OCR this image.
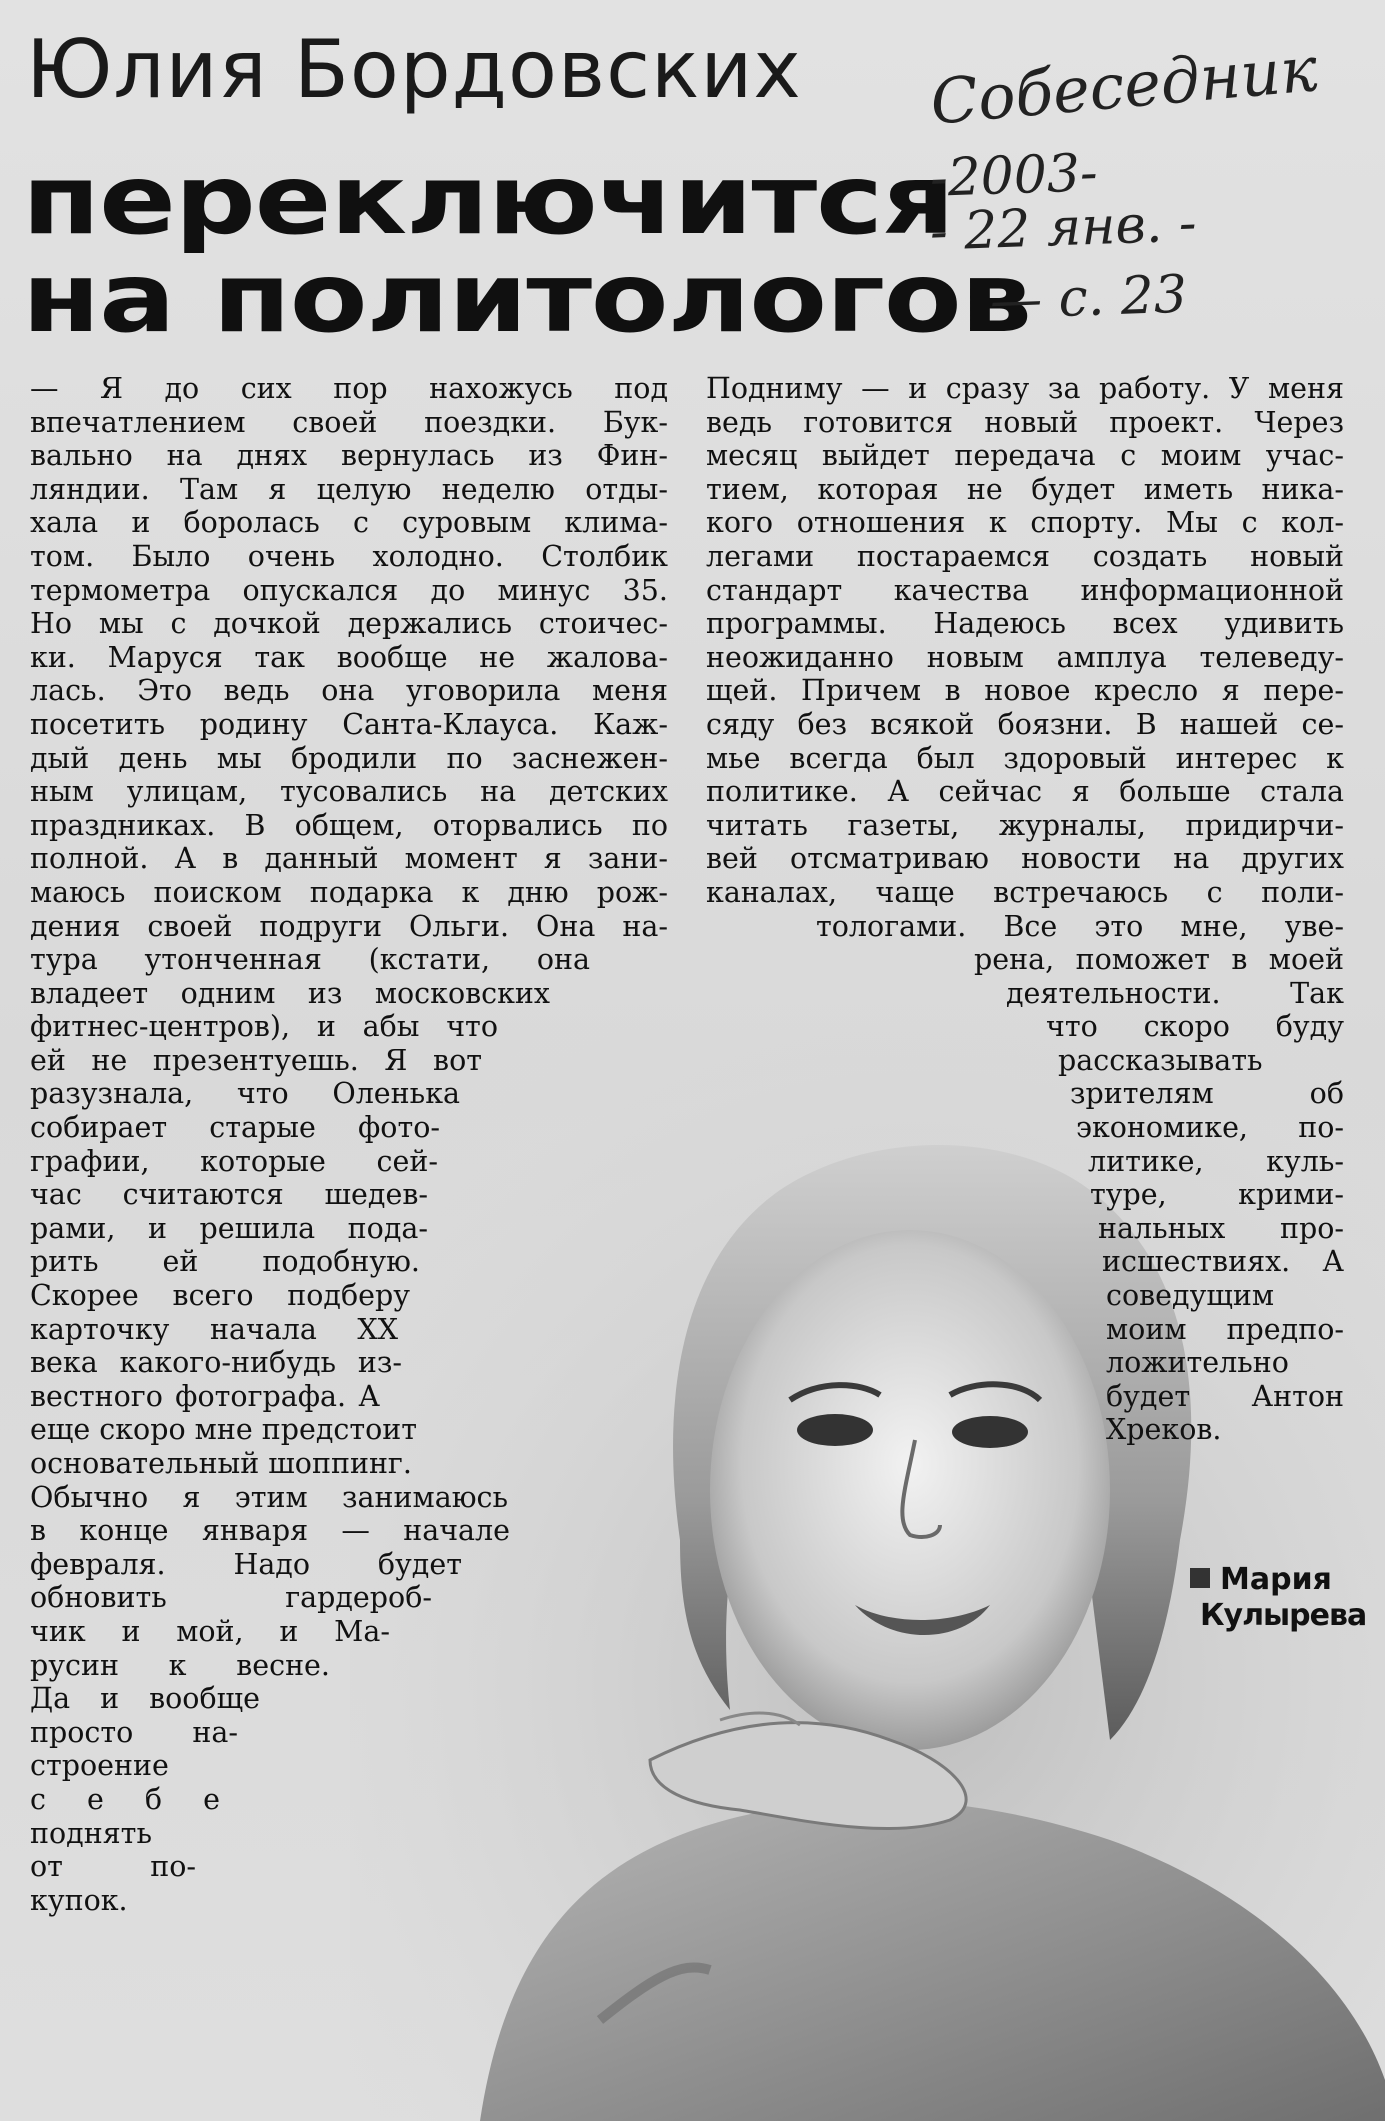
Юлия Бордовских
переключится
на политологов
Собеседник
-2003-
- 22 янв. -
— с. 23
— Я до сих пор нахожусь под
впечатлением своей поездки. Бук-
вально на днях вернулась из Фин-
ляндии. Там я целую неделю отды-
хала и боролась с суровым клима-
том. Было очень холодно. Столбик
термометра опускался до минус 35.
Но мы с дочкой держались стоичес-
ки. Маруся так вообще не жалова-
лась. Это ведь она уговорила меня
посетить родину Санта-Клауса. Каж-
дый день мы бродили по заснежен-
ным улицам, тусовались на детских
праздниках. В общем, оторвались по
полной. А в данный момент я зани-
маюсь поиском подарка к дню рож-
дения своей подруги Ольги. Она на-
тура утонченная (кстати, она
владеет одним из московских
фитнес-центров), и абы что
ей не презентуешь. Я вот
разузнала, что Оленька
собирает старые фото-
графии, которые сей-
час считаются шедев-
рами, и решила пода-
рить ей подобную.
Скорее всего подберу
карточку начала XX
века какого-нибудь из-
вестного фотографа. А
еще скоро мне предстоит
основательный шоппинг.
Обычно я этим занимаюсь
в конце января — начале
февраля. Надо будет
обновить гардероб-
чик и мой, и Ма-
русин к весне.
Да и вообще
просто на-
строение
с е б е
поднять
от по-
купок.
Подниму — и сразу за работу. У меня
ведь готовится новый проект. Через
месяц выйдет передача с моим учас-
тием, которая не будет иметь никa-
кого отношения к спорту. Мы с кол-
легами постараемся создать новый
стандарт качества информационной
программы. Надеюсь всех удивить
неожиданно новым амплуа телеведу-
щей. Причем в новое кресло я пере-
сяду без всякой боязни. В нашей се-
мье всегда был здоровый интерес к
политике. А сейчас я больше стала
читать газеты, журналы, придирчи-
вей отсматриваю новости на других
каналах, чаще встречаюсь с поли-
тологами. Все это мне, уве-
рена, поможет в моей
деятельности. Так
что скоро буду
рассказывать
зрителям об
экономике, по-
литике, куль-
туре, крими-
нальных про-
исшествиях. А
соведущим
моим предпо-
ложительно
будет Антон
Хреков.
Мария
Кулырева
